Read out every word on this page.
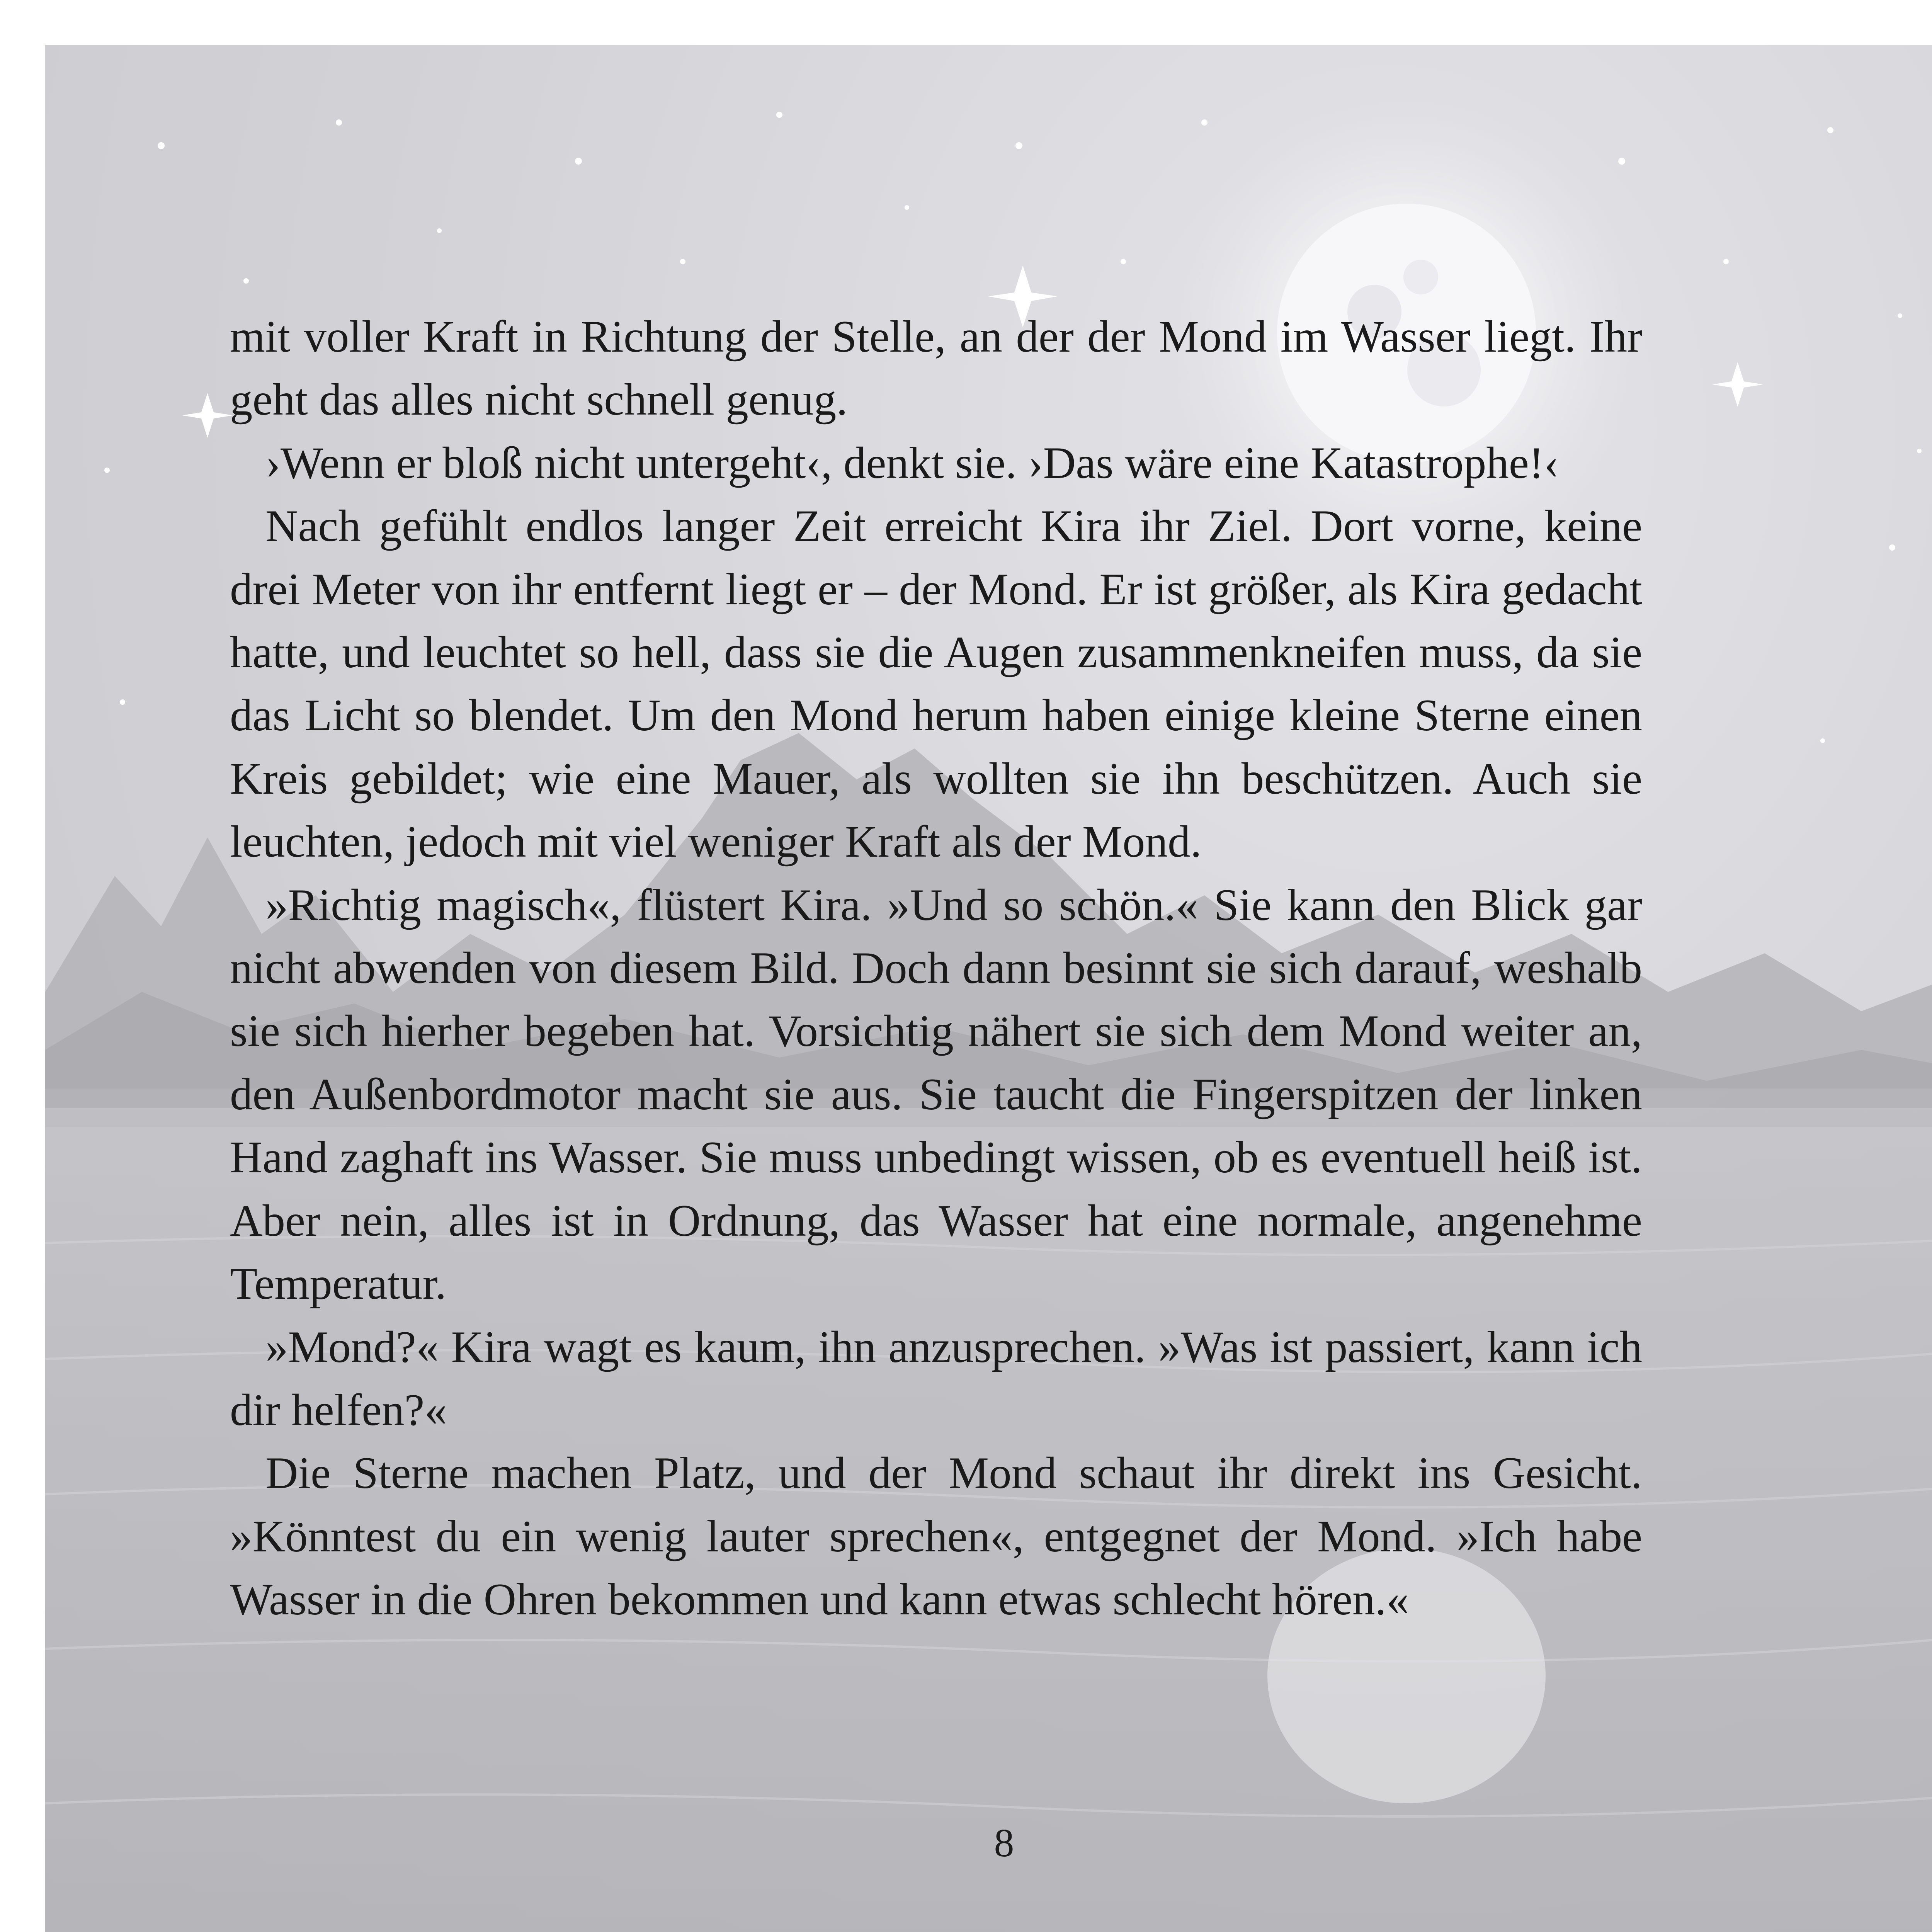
mit voller Kraft in Richtung der Stelle, an der der Mond im Wasser liegt. Ihr geht das alles nicht schnell genug.

›Wenn er bloß nicht untergeht‹, denkt sie. ›Das wäre eine Katastrophe!‹

Nach gefühlt endlos langer Zeit erreicht Kira ihr Ziel. Dort vorne, keine drei Meter von ihr entfernt liegt er – der Mond. Er ist größer, als Kira gedacht hatte, und leuchtet so hell, dass sie die Augen zusammenkneifen muss, da sie das Licht so blendet. Um den Mond herum haben einige kleine Sterne einen Kreis gebildet; wie eine Mauer, als wollten sie ihn beschützen. Auch sie leuchten, jedoch mit viel weniger Kraft als der Mond.

»Richtig magisch«, flüstert Kira. »Und so schön.« Sie kann den Blick gar nicht abwenden von diesem Bild. Doch dann besinnt sie sich darauf, weshalb sie sich hierher begeben hat. Vorsichtig nähert sie sich dem Mond weiter an, den Außenbordmotor macht sie aus. Sie taucht die Fingerspitzen der linken Hand zaghaft ins Wasser. Sie muss unbedingt wissen, ob es eventuell heiß ist. Aber nein, alles ist in Ordnung, das Wasser hat eine normale, angenehme Temperatur.

»Mond?« Kira wagt es kaum, ihn anzusprechen. »Was ist passiert, kann ich dir helfen?«

Die Sterne machen Platz, und der Mond schaut ihr direkt ins Gesicht. »Könntest du ein wenig lauter sprechen«, entgegnet der Mond. »Ich habe Wasser in die Ohren bekommen und kann etwas schlecht hören.«

8
